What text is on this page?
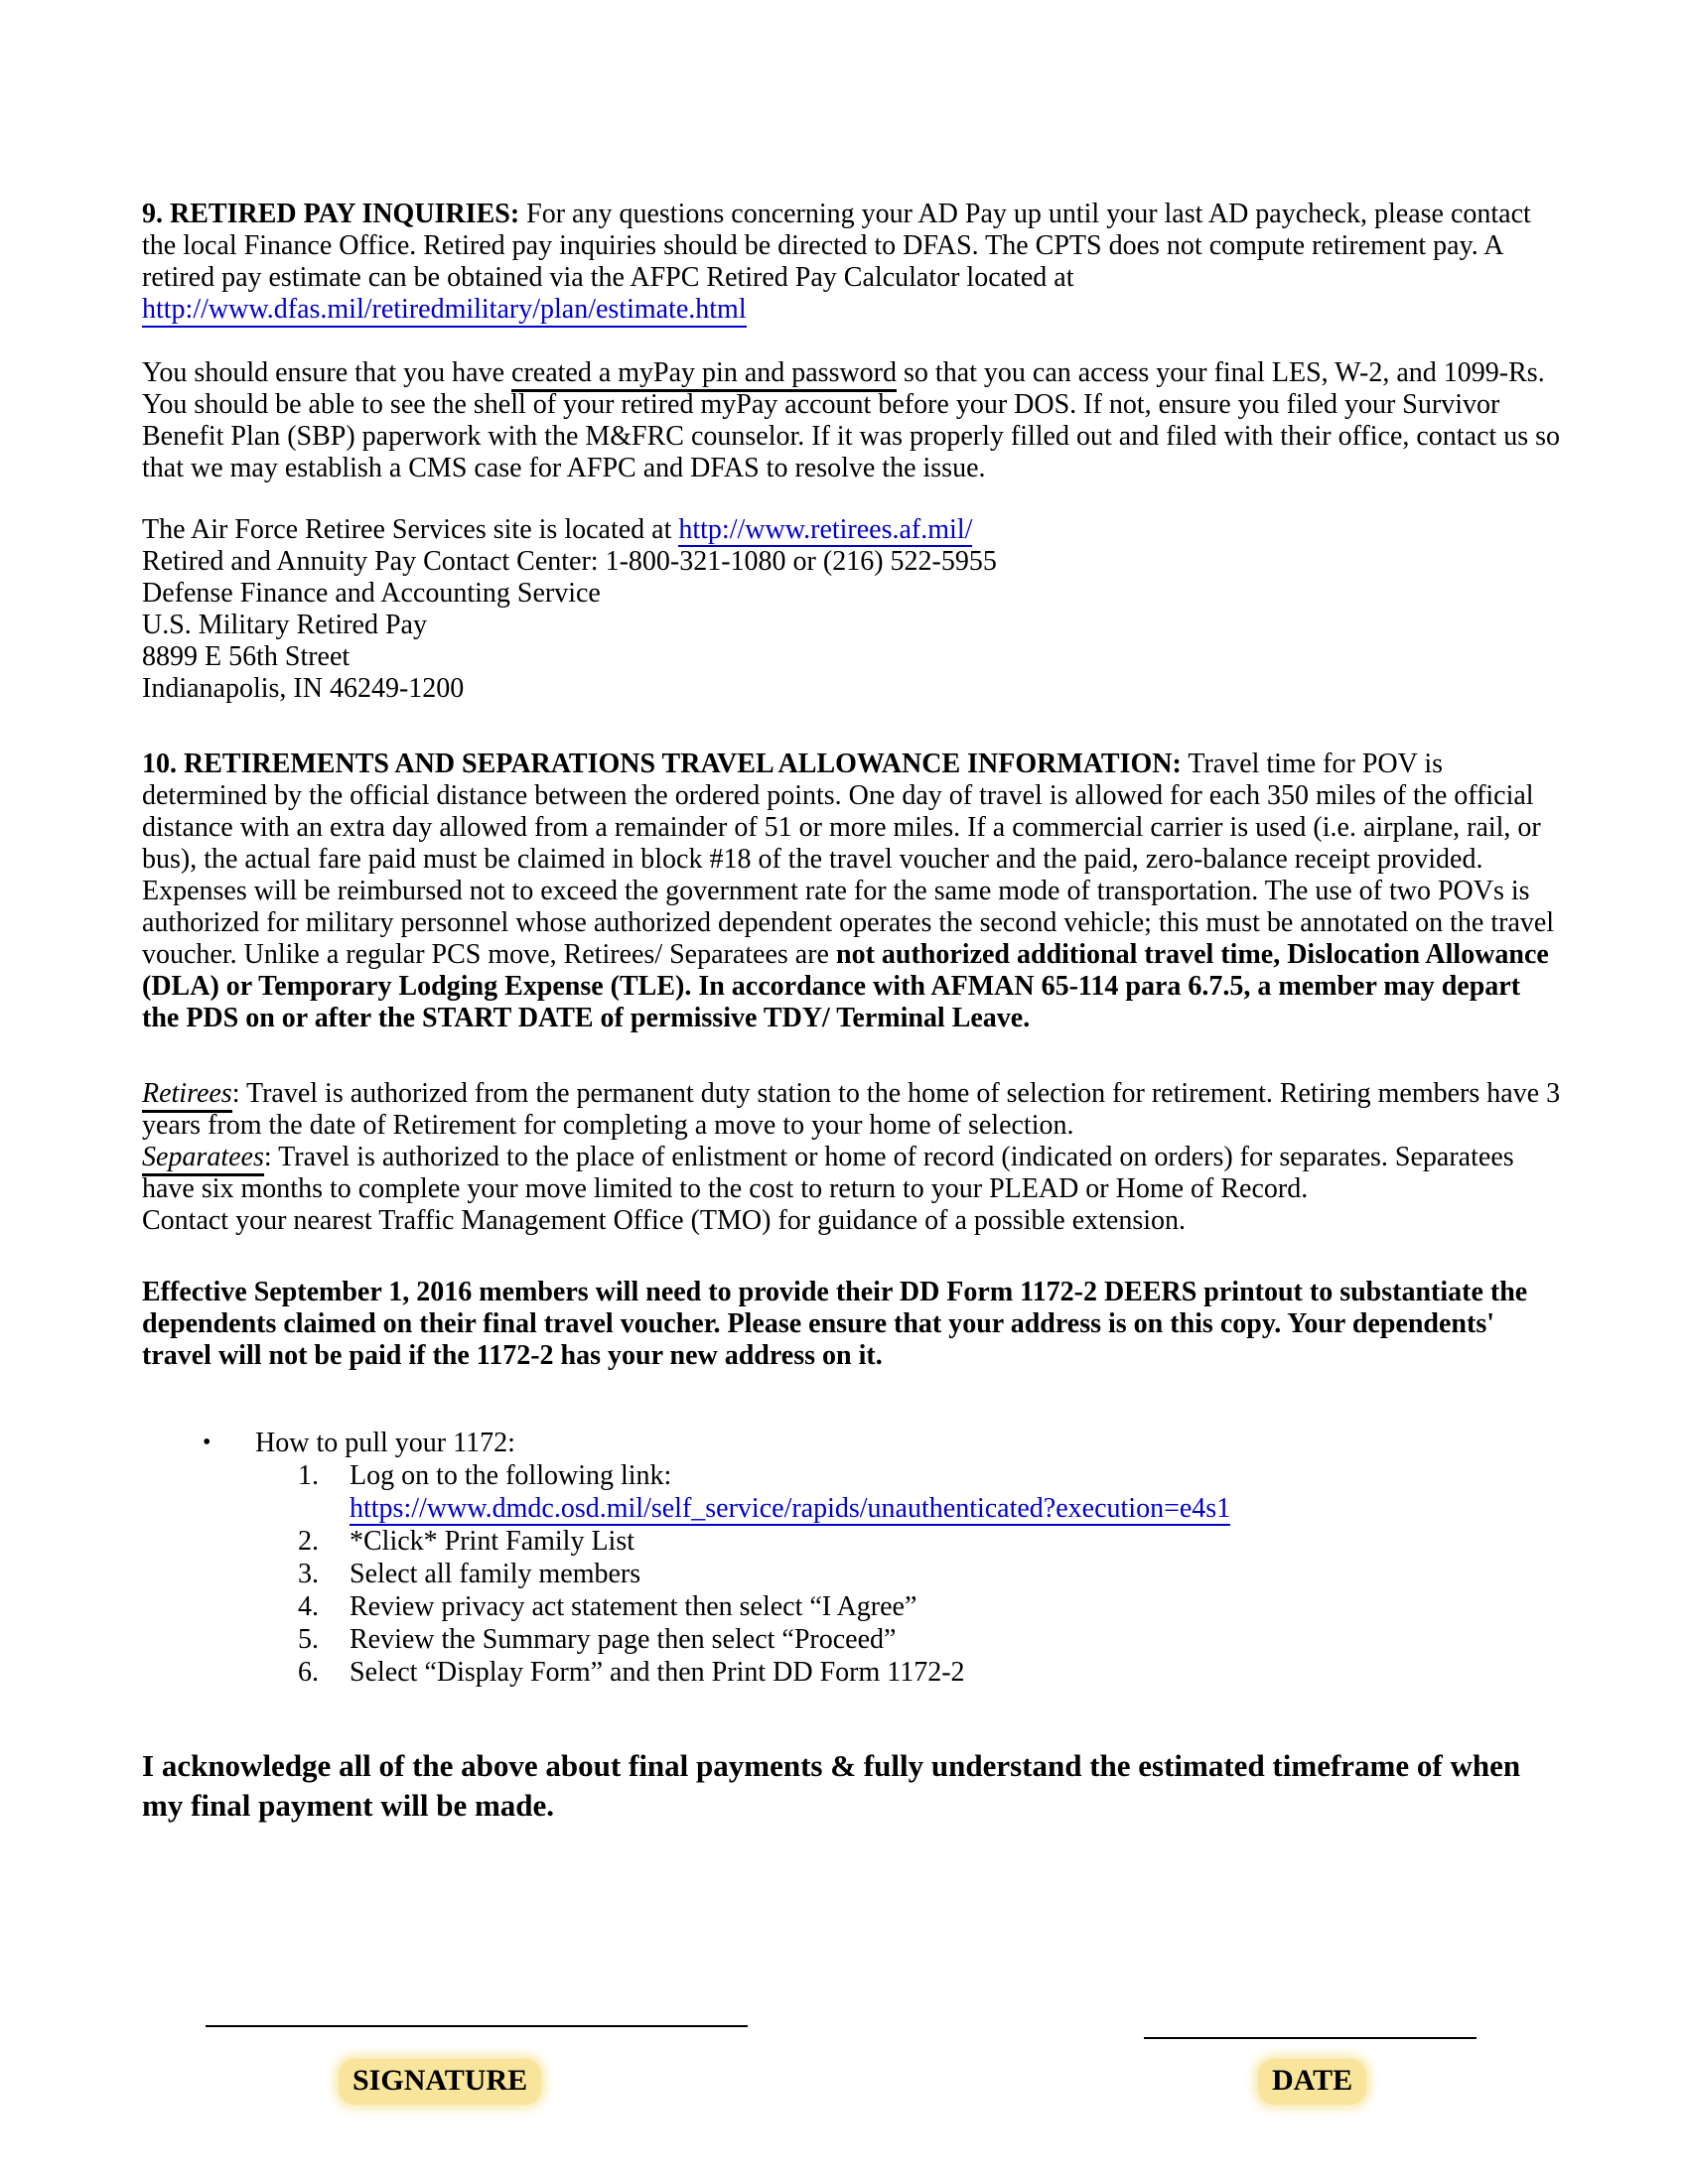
9. RETIRED PAY INQUIRIES: For any questions concerning your AD Pay up until your last AD paycheck, please contact the local Finance Office. Retired pay inquiries should be directed to DFAS. The CPTS does not compute retirement pay. A retired pay estimate can be obtained via the AFPC Retired Pay Calculator located at
http://www.dfas.mil/retiredmilitary/plan/estimate.html

You should ensure that you have created a myPay pin and password so that you can access your final LES, W-2, and 1099-Rs. You should be able to see the shell of your retired myPay account before your DOS. If not, ensure you filed your Survivor Benefit Plan (SBP) paperwork with the M&FRC counselor. If it was properly filled out and filed with their office, contact us so that we may establish a CMS case for AFPC and DFAS to resolve the issue.

The Air Force Retiree Services site is located at http://www.retirees.af.mil/
Retired and Annuity Pay Contact Center: 1-800-321-1080 or (216) 522-5955
Defense Finance and Accounting Service
U.S. Military Retired Pay
8899 E 56th Street
Indianapolis, IN 46249-1200

10. RETIREMENTS AND SEPARATIONS TRAVEL ALLOWANCE INFORMATION: Travel time for POV is determined by the official distance between the ordered points. One day of travel is allowed for each 350 miles of the official distance with an extra day allowed from a remainder of 51 or more miles. If a commercial carrier is used (i.e. airplane, rail, or bus), the actual fare paid must be claimed in block #18 of the travel voucher and the paid, zero-balance receipt provided. Expenses will be reimbursed not to exceed the government rate for the same mode of transportation. The use of two POVs is authorized for military personnel whose authorized dependent operates the second vehicle; this must be annotated on the travel voucher. Unlike a regular PCS move, Retirees/ Separatees are not authorized additional travel time, Dislocation Allowance (DLA) or Temporary Lodging Expense (TLE). In accordance with AFMAN 65-114 para 6.7.5, a member may depart the PDS on or after the START DATE of permissive TDY/ Terminal Leave.

Retirees: Travel is authorized from the permanent duty station to the home of selection for retirement. Retiring members have 3 years from the date of Retirement for completing a move to your home of selection.
Separatees: Travel is authorized to the place of enlistment or home of record (indicated on orders) for separates. Separatees have six months to complete your move limited to the cost to return to your PLEAD or Home of Record.
Contact your nearest Traffic Management Office (TMO) for guidance of a possible extension.

Effective September 1, 2016 members will need to provide their DD Form 1172-2 DEERS printout to substantiate the dependents claimed on their final travel voucher. Please ensure that your address is on this copy. Your dependents' travel will not be paid if the 1172-2 has your new address on it.

•	How to pull your 1172:
1.	Log on to the following link:
https://www.dmdc.osd.mil/self_service/rapids/unauthenticated?execution=e4s1
2.	*Click* Print Family List
3.	Select all family members
4.	Review privacy act statement then select “I Agree”
5.	Review the Summary page then select “Proceed”
6.	Select “Display Form” and then Print DD Form 1172-2

I acknowledge all of the above about final payments & fully understand the estimated timeframe of when my final payment will be made.

SIGNATURE	DATE
